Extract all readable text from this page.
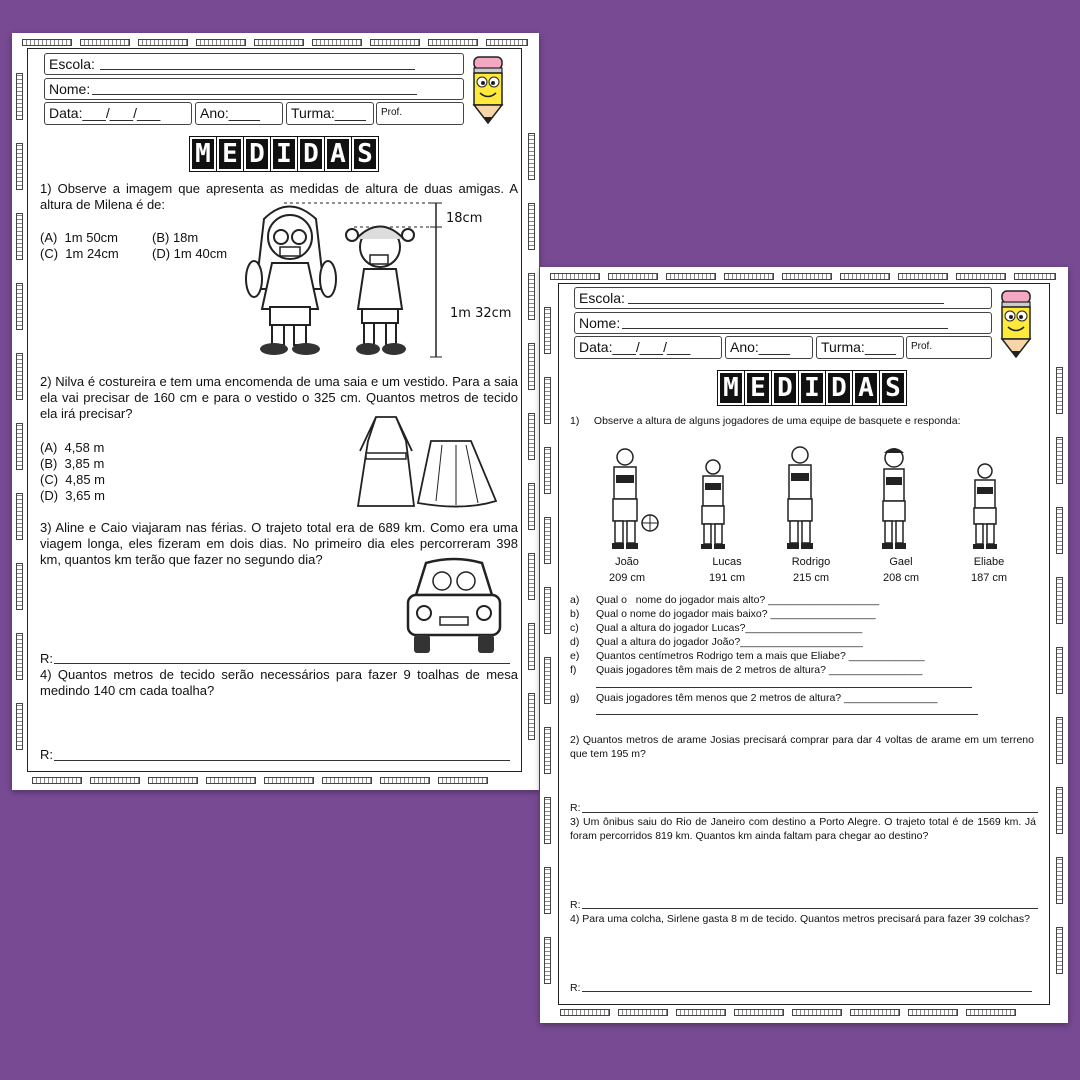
Escola:
Nome:
Data:___/___/___	Ano:____	Turma:____	Prof.
M E D I D A S
1) Observe a imagem que apresenta as medidas de altura de duas amigas. A altura de Milena é de:
(A)  1m 50cm	(B) 18m
(C)  1m 24cm	(D) 1m 40cm
18cm
1m 32cm
2) Nilva é costureira e tem uma encomenda de uma saia e um vestido. Para a saia ela vai precisar de 160 cm e para o vestido o 325 cm. Quantos metros de tecido ela irá precisar?
(A)  4,58 m
(B)  3,85 m
(C)  4,85 m
(D)  3,65 m
3) Aline e Caio viajaram nas férias. O trajeto total era de 689 km. Como era uma viagem longa, eles fizeram em dois dias. No primeiro dia eles percorreram 398 km, quantos km terão que fazer no segundo dia?
R:
4) Quantos metros de tecido serão necessários para fazer 9 toalhas de mesa medindo 140 cm cada toalha?
R:
Escola:
Nome:
Data:___/___/___	Ano:____	Turma:____	Prof.
M E D I D A S
1)     Observe a altura de alguns jogadores de uma equipe de basquete e responda:
João
209 cm
Lucas
191 cm
Rodrigo
215 cm
Gael
208 cm
Eliabe
187 cm
a) Qual o   nome do jogador mais alto? ___________________
b) Qual o nome do jogador mais baixo? __________________
c) Qual a altura do jogador Lucas?____________________
d) Qual a altura do jogador João?_____________________
e) Quantos centímetros Rodrigo tem a mais que Eliabe? _____________
f) Quais jogadores têm mais de 2 metros de altura? ________________
g) Quais jogadores têm menos que 2 metros de altura? ________________
2) Quantos metros de arame Josias precisará comprar para dar 4 voltas de arame em um terreno que tem 195 m?
R:
3) Um ônibus saiu do Rio de Janeiro com destino a Porto Alegre. O trajeto total é de 1569 km. Já foram percorridos 819 km. Quantos km ainda faltam para chegar ao destino?
R:
4) Para uma colcha, Sirlene gasta 8 m de tecido. Quantos metros precisará para fazer 39 colchas?
R:
